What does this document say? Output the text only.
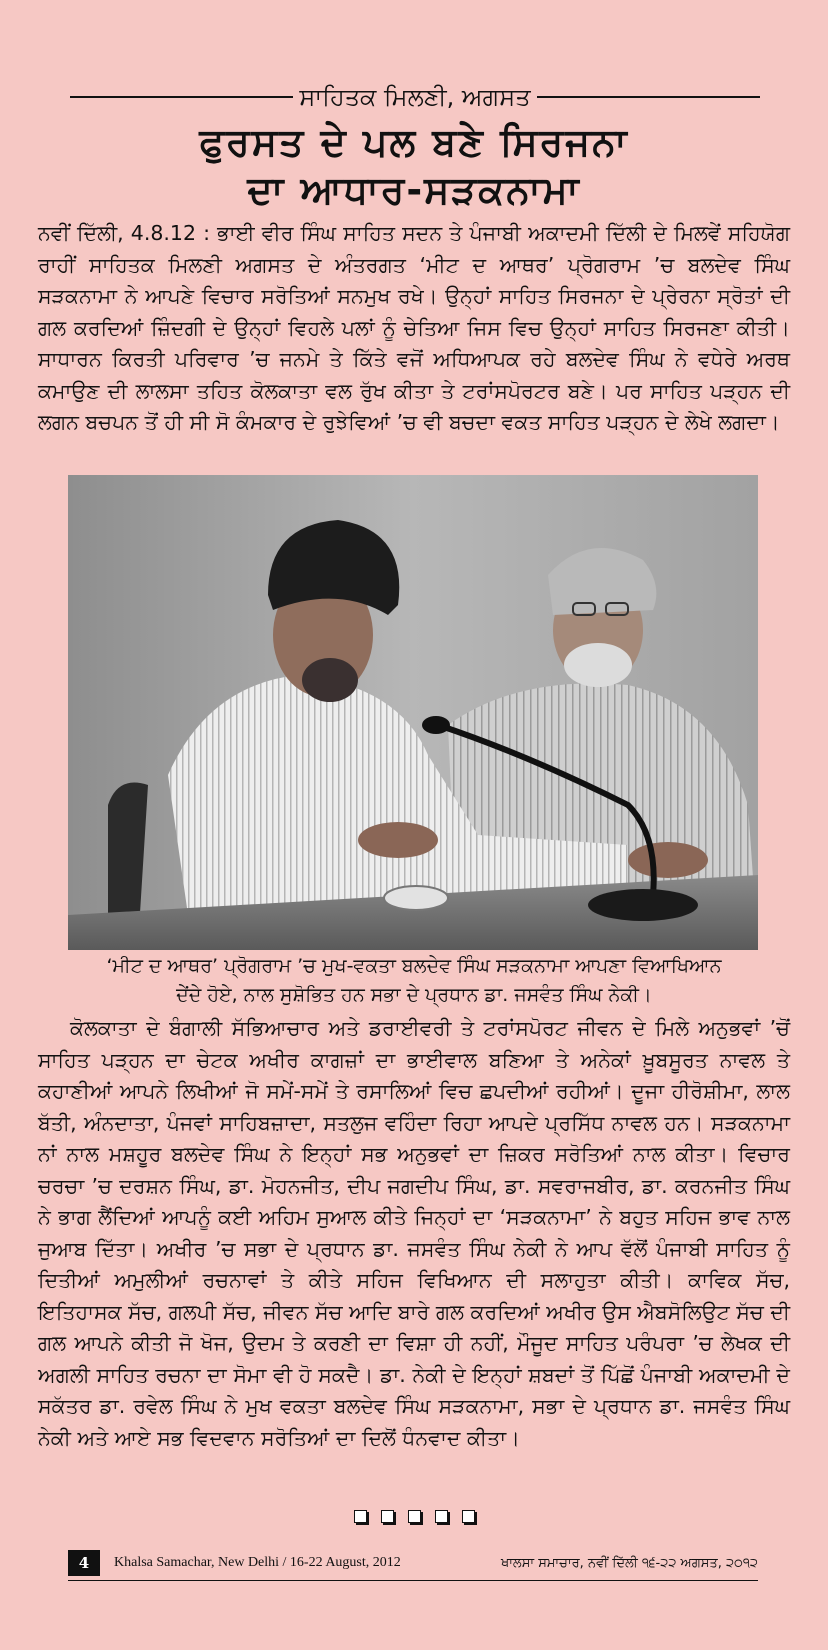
ਸਾਹਿਤਕ ਮਿਲਣੀ, ਅਗਸਤ
ਫੁਰਸਤ ਦੇ ਪਲ ਬਣੇ ਸਿਰਜਨਾ
ਦਾ ਆਧਾਰ-ਸੜਕਨਾਮਾ

ਨਵੀਂ ਦਿੱਲੀ, 4.8.12 : ਭਾਈ ਵੀਰ ਸਿੰਘ ਸਾਹਿਤ ਸਦਨ ਤੇ ਪੰਜਾਬੀ ਅਕਾਦਮੀ ਦਿੱਲੀ ਦੇ ਮਿਲਵੇਂ ਸਹਿਯੋਗ ਰਾਹੀਂ ਸਾਹਿਤਕ ਮਿਲਣੀ ਅਗਸਤ ਦੇ ਅੰਤਰਗਤ ‘ਮੀਟ ਦ ਆਥਰ’ ਪ੍ਰੋਗਰਾਮ ’ਚ ਬਲਦੇਵ ਸਿੰਘ ਸੜਕਨਾਮਾ ਨੇ ਆਪਣੇ ਵਿਚਾਰ ਸਰੋਤਿਆਂ ਸਨਮੁਖ ਰਖੇ। ਉਨ੍ਹਾਂ ਸਾਹਿਤ ਸਿਰਜਨਾ ਦੇ ਪ੍ਰੇਰਨਾ ਸ੍ਰੋਤਾਂ ਦੀ ਗਲ ਕਰਦਿਆਂ ਜ਼ਿੰਦਗੀ ਦੇ ਉਨ੍ਹਾਂ ਵਿਹਲੇ ਪਲਾਂ ਨੂੰ ਚੇਤਿਆ ਜਿਸ ਵਿਚ ਉਨ੍ਹਾਂ ਸਾਹਿਤ ਸਿਰਜਣਾ ਕੀਤੀ। ਸਾਧਾਰਨ ਕਿਰਤੀ ਪਰਿਵਾਰ ’ਚ ਜਨਮੇ ਤੇ ਕਿੱਤੇ ਵਜੋਂ ਅਧਿਆਪਕ ਰਹੇ ਬਲਦੇਵ ਸਿੰਘ ਨੇ ਵਧੇਰੇ ਅਰਥ ਕਮਾਉਣ ਦੀ ਲਾਲਸਾ ਤਹਿਤ ਕੋਲਕਾਤਾ ਵਲ ਰੁੱਖ ਕੀਤਾ ਤੇ ਟਰਾਂਸਪੋਰਟਰ ਬਣੇ। ਪਰ ਸਾਹਿਤ ਪੜ੍ਹਨ ਦੀ ਲਗਨ ਬਚਪਨ ਤੋਂ ਹੀ ਸੀ ਸੋ ਕੰਮਕਾਰ ਦੇ ਰੁਝੇਵਿਆਂ ’ਚ ਵੀ ਬਚਦਾ ਵਕਤ ਸਾਹਿਤ ਪੜ੍ਹਨ ਦੇ ਲੇਖੇ ਲਗਦਾ।

‘ਮੀਟ ਦ ਆਥਰ’ ਪ੍ਰੋਗਰਾਮ ’ਚ ਮੁਖ-ਵਕਤਾ ਬਲਦੇਵ ਸਿੰਘ ਸੜਕਨਾਮਾ ਆਪਣਾ ਵਿਆਖਿਆਨ
ਦੇਂਦੇ ਹੋਏ, ਨਾਲ ਸੁਸ਼ੋਭਿਤ ਹਨ ਸਭਾ ਦੇ ਪ੍ਰਧਾਨ ਡਾ. ਜਸਵੰਤ ਸਿੰਘ ਨੇਕੀ।

ਕੋਲਕਾਤਾ ਦੇ ਬੰਗਾਲੀ ਸੱਭਿਆਚਾਰ ਅਤੇ ਡਰਾਈਵਰੀ ਤੇ ਟਰਾਂਸਪੋਰਟ ਜੀਵਨ ਦੇ ਮਿਲੇ ਅਨੁਭਵਾਂ ’ਚੋਂ ਸਾਹਿਤ ਪੜ੍ਹਨ ਦਾ ਚੇਟਕ ਅਖੀਰ ਕਾਗਜ਼ਾਂ ਦਾ ਭਾਈਵਾਲ ਬਣਿਆ ਤੇ ਅਨੇਕਾਂ ਖ਼ੂਬਸੂਰਤ ਨਾਵਲ ਤੇ ਕਹਾਣੀਆਂ ਆਪਨੇ ਲਿਖੀਆਂ ਜੋ ਸਮੇਂ-ਸਮੇਂ ਤੇ ਰਸਾਲਿਆਂ ਵਿਚ ਛਪਦੀਆਂ ਰਹੀਆਂ। ਦੂਜਾ ਹੀਰੋਸ਼ੀਮਾ, ਲਾਲ ਬੱਤੀ, ਅੰਨਦਾਤਾ, ਪੰਜਵਾਂ ਸਾਹਿਬਜ਼ਾਦਾ, ਸਤਲੁਜ ਵਹਿੰਦਾ ਰਿਹਾ ਆਪਦੇ ਪ੍ਰਸਿੱਧ ਨਾਵਲ ਹਨ। ਸੜਕਨਾਮਾ ਨਾਂ ਨਾਲ ਮਸ਼ਹੂਰ ਬਲਦੇਵ ਸਿੰਘ ਨੇ ਇਨ੍ਹਾਂ ਸਭ ਅਨੁਭਵਾਂ ਦਾ ਜ਼ਿਕਰ ਸਰੋਤਿਆਂ ਨਾਲ ਕੀਤਾ। ਵਿਚਾਰ ਚਰਚਾ ’ਚ ਦਰਸ਼ਨ ਸਿੰਘ, ਡਾ. ਮੋਹਨਜੀਤ, ਦੀਪ ਜਗਦੀਪ ਸਿੰਘ, ਡਾ. ਸਵਰਾਜਬੀਰ, ਡਾ. ਕਰਨਜੀਤ ਸਿੰਘ ਨੇ ਭਾਗ ਲੈਂਦਿਆਂ ਆਪਨੂੰ ਕਈ ਅਹਿਮ ਸੁਆਲ ਕੀਤੇ ਜਿਨ੍ਹਾਂ ਦਾ ‘ਸੜਕਨਾਮਾ’ ਨੇ ਬਹੁਤ ਸਹਿਜ ਭਾਵ ਨਾਲ ਜੁਆਬ ਦਿੱਤਾ। ਅਖੀਰ ’ਚ ਸਭਾ ਦੇ ਪ੍ਰਧਾਨ ਡਾ. ਜਸਵੰਤ ਸਿੰਘ ਨੇਕੀ ਨੇ ਆਪ ਵੱਲੋਂ ਪੰਜਾਬੀ ਸਾਹਿਤ ਨੂੰ ਦਿਤੀਆਂ ਅਮੁਲੀਆਂ ਰਚਨਾਵਾਂ ਤੇ ਕੀਤੇ ਸਹਿਜ ਵਿਖਿਆਨ ਦੀ ਸਲਾਹੁਤਾ ਕੀਤੀ। ਕਾਵਿਕ ਸੱਚ, ਇਤਿਹਾਸਕ ਸੱਚ, ਗਲਪੀ ਸੱਚ, ਜੀਵਨ ਸੱਚ ਆਦਿ ਬਾਰੇ ਗਲ ਕਰਦਿਆਂ ਅਖੀਰ ਉਸ ਐਬਸੋਲਿਉਟ ਸੱਚ ਦੀ ਗਲ ਆਪਨੇ ਕੀਤੀ ਜੋ ਖੋਜ, ਉਦਮ ਤੇ ਕਰਣੀ ਦਾ ਵਿਸ਼ਾ ਹੀ ਨਹੀਂ, ਮੌਜੂਦ ਸਾਹਿਤ ਪਰੰਪਰਾ ’ਚ ਲੇਖਕ ਦੀ ਅਗਲੀ ਸਾਹਿਤ ਰਚਨਾ ਦਾ ਸੋਮਾ ਵੀ ਹੋ ਸਕਦੈ। ਡਾ. ਨੇਕੀ ਦੇ ਇਨ੍ਹਾਂ ਸ਼ਬਦਾਂ ਤੋਂ ਪਿੱਛੋਂ ਪੰਜਾਬੀ ਅਕਾਦਮੀ ਦੇ ਸਕੱਤਰ ਡਾ. ਰਵੇਲ ਸਿੰਘ ਨੇ ਮੁਖ ਵਕਤਾ ਬਲਦੇਵ ਸਿੰਘ ਸੜਕਨਾਮਾ, ਸਭਾ ਦੇ ਪ੍ਰਧਾਨ ਡਾ. ਜਸਵੰਤ ਸਿੰਘ ਨੇਕੀ ਅਤੇ ਆਏ ਸਭ ਵਿਦਵਾਨ ਸਰੋਤਿਆਂ ਦਾ ਦਿਲੋਂ ਧੰਨਵਾਦ ਕੀਤਾ।

4	Khalsa Samachar, New Delhi / 16-22 August, 2012	ਖਾਲਸਾ ਸਮਾਚਾਰ, ਨਵੀਂ ਦਿੱਲੀ ੧੬-੨੨ ਅਗਸਤ, ੨੦੧੨
